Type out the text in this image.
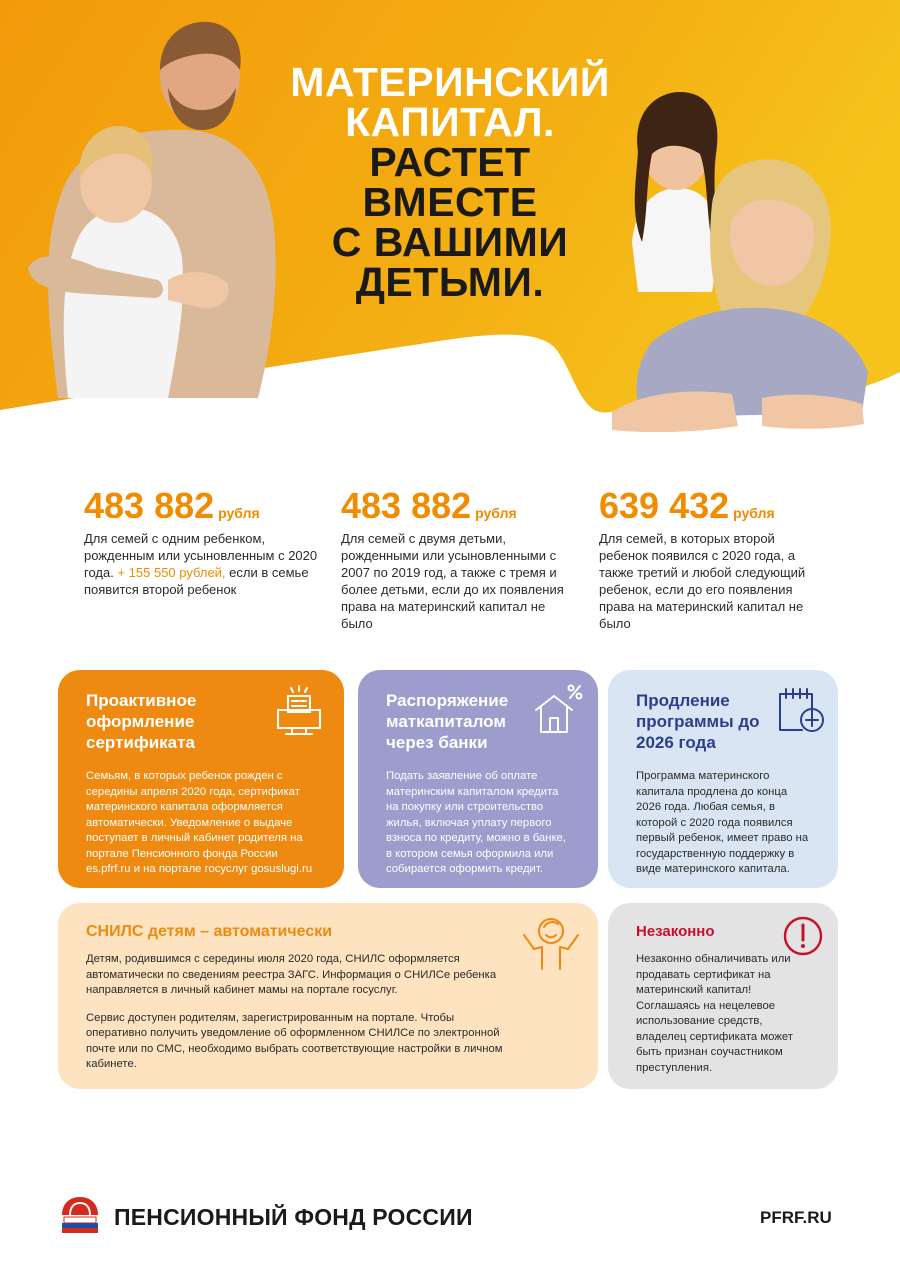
МАТЕРИНСКИЙ
КАПИТАЛ.
РАСТЕТ ВМЕСТЕ
С ВАШИМИ
ДЕТЬМИ.
483 882 рубля
Для семей с одним ребенком, рожденным или усыновленным с 2020 года. + 155 550 рублей, если в семье появится второй ребенок
483 882 рубля
Для семей с двумя детьми, рожденными или усыновленными с 2007 по 2019 год, а также с тремя и более детьми, если до их появления права на материнский капитал не было
639 432 рубля
Для семей, в которых второй ребенок появился с 2020 года, а также третий и любой следующий ребенок, если до его появления права на материнский капитал не было
Проактивное оформление сертификата
Семьям, в которых ребенок рожден с середины апреля 2020 года, сертификат материнского капитала оформляется автоматически. Уведомление о выдаче поступает в личный кабинет родителя на портале Пенсионного фонда России es.pfrf.ru и на портале госуслуг gosuslugi.ru
Распоряжение маткапиталом через банки
Подать заявление об оплате материнским капиталом кредита на покупку или строительство жилья, включая уплату первого взноса по кредиту, можно в банке, в котором семья оформила или собирается оформить кредит.
Продление программы до 2026 года
Программа материнского капитала продлена до конца 2026 года. Любая семья, в которой с 2020 года появился первый ребенок, имеет право на государственную поддержку в виде материнского капитала.
СНИЛС детям – автоматически

Детям, родившимся с середины июля 2020 года, СНИЛС оформляется автоматически по сведениям реестра ЗАГС. Информация о СНИЛСе ребенка направляется в личный кабинет мамы на портале госуслуг.

Сервис доступен родителям, зарегистрированным на портале. Чтобы оперативно получить уведомление об оформленном СНИЛСе по электронной почте или по СМС, необходимо выбрать соответствующие настройки в личном кабинете.

Незаконно
Незаконно обналичивать или продавать сертификат на материнский капитал! Соглашаясь на нецелевое использование средств, владелец сертификата может быть признан соучастником преступления.
ПЕНСИОННЫЙ ФОНД РОССИИ	PFRF.RU
